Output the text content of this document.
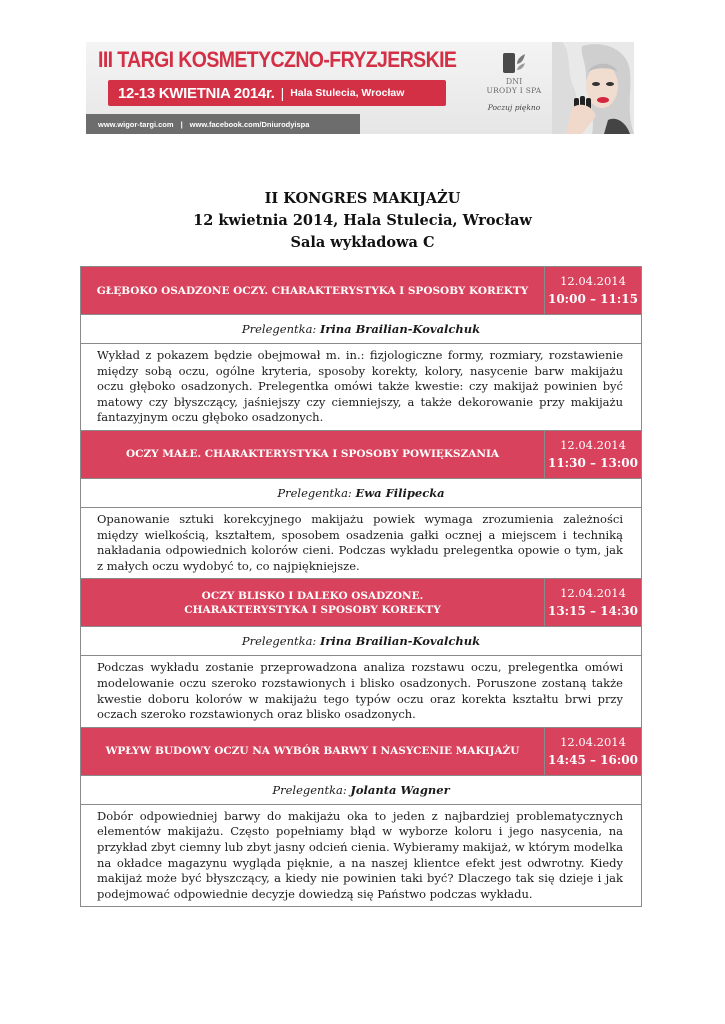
III TARGI KOSMETYCZNO-FRYZJERSKIE
12-13 KWIETNIA 2014r. | Hala Stulecia, Wrocław
www.wigor-targi.com | www.facebook.com/Dniurodyispa
DNI
URODY I SPA
Poczuj piękno
II KONGRES MAKIJAŻU
12 kwietnia 2014, Hala Stulecia, Wrocław
Sala wykładowa C
GŁĘBOKO OSADZONE OCZY. CHARAKTERYSTYKA I SPOSOBY KOREKTY
12.04.2014
10:00 – 11:15
Prelegentka: Irina Brailian-Kovalchuk
Wykład z pokazem będzie obejmował m. in.: fizjologiczne formy, rozmiary, rozstawienie między sobą oczu, ogólne kryteria, sposoby korekty, kolory, nasycenie barw makijażu oczu głęboko osadzonych. Prelegentka omówi także kwestie: czy makijaż powinien być matowy czy błyszczący, jaśniejszy czy ciemniejszy, a także dekorowanie przy makijażu fantazyjnym oczu głęboko osadzonych.
OCZY MAŁE. CHARAKTERYSTYKA I SPOSOBY POWIĘKSZANIA
12.04.2014
11:30 – 13:00
Prelegentka: Ewa Filipecka
Opanowanie sztuki korekcyjnego makijażu powiek wymaga zrozumienia zależności między wielkością, kształtem, sposobem osadzenia gałki ocznej a miejscem i techniką nakładania odpowiednich kolorów cieni. Podczas wykładu prelegentka opowie o tym, jak z małych oczu wydobyć to, co najpiękniejsze.
OCZY BLISKO I DALEKO OSADZONE.
CHARAKTERYSTYKA I SPOSOBY KOREKTY
12.04.2014
13:15 – 14:30
Prelegentka: Irina Brailian-Kovalchuk
Podczas wykładu zostanie przeprowadzona analiza rozstawu oczu, prelegentka omówi modelowanie oczu szeroko rozstawionych i blisko osadzonych. Poruszone zostaną także kwestie doboru kolorów w makijażu tego typów oczu oraz korekta kształtu brwi przy oczach szeroko rozstawionych oraz blisko osadzonych.
WPŁYW BUDOWY OCZU NA WYBÓR BARWY I NASYCENIE MAKIJAŻU
12.04.2014
14:45 – 16:00
Prelegentka: Jolanta Wagner
Dobór odpowiedniej barwy do makijażu oka to jeden z najbardziej problematycznych elementów makijażu. Często popełniamy błąd w wyborze koloru i jego nasycenia, na przykład zbyt ciemny lub zbyt jasny odcień cienia. Wybieramy makijaż, w którym modelka na okładce magazynu wygląda pięknie, a na naszej klientce efekt jest odwrotny. Kiedy makijaż może być błyszczący, a kiedy nie powinien taki być? Dlaczego tak się dzieje i jak podejmować odpowiednie decyzje dowiedzą się Państwo podczas wykładu.
